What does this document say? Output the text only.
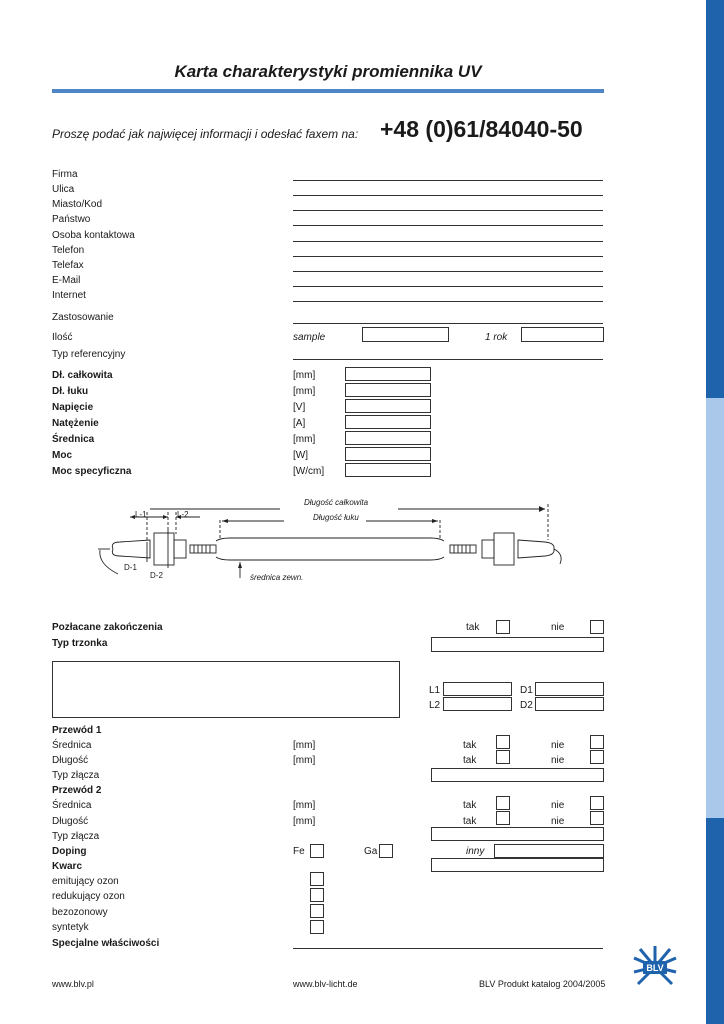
Karta charakterystyki promiennika UV
Proszę podać jak najwięcej informacji i odesłać faxem na: +48 (0)61/84040-50
Firma
Ulica
Miasto/Kod
Państwo
Osoba kontaktowa
Telefon
Telefax
E-Mail
Internet
Zastosowanie
Ilość	sample	1 rok
Typ referencyjny
Dł. całkowita	[mm]
Dł. łuku	[mm]
Napięcie	[V]
Natężenie	[A]
Średnica	[mm]
Moc	[W]
Moc specyficzna	[W/cm]
Długość całkowita
Długość łuku
średnica zewn.
L-1	L-2
D-1
D-2
Pozłacane zakończenia	tak	nie
Typ trzonka
L1	D1
L2	D2
Przewód 1
Średnica	[mm]	tak	nie
Długość	[mm]	tak	nie
Typ złącza
Przewód 2
Średnica	[mm]	tak	nie
Długość	[mm]	tak	nie
Typ złącza
Doping	Fe	Ga	inny
Kwarc
emitujący ozon
redukujący ozon
bezozonowy
syntetyk
Specjalne właściwości
www.blv.pl	www.blv-licht.de	BLV Produkt katalog 2004/2005
BLV
